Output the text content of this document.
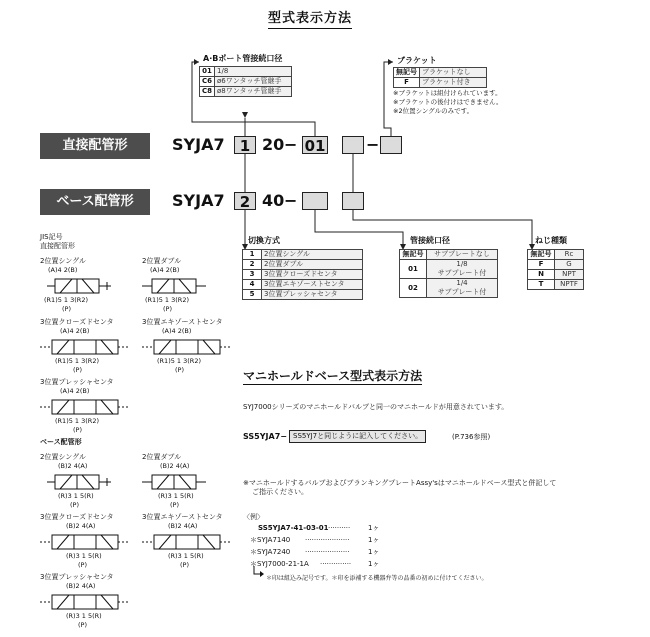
型式表示方法
A·Bポート管接続口径
01	1/8
C6	ø6ワンタッチ管継手
C8	ø8ワンタッチ管継手
ブラケット
無記号	ブラケットなし
F	ブラケット付き
※ブラケットは組付けられています。
※ブラケットの後付けはできません。
※2位置シングルのみです。
直接配管形	SYJA7	1 20 − 01	−
ベース配管形	SYJA7	2 40 −
切換方式
1	2位置シングル
2	2位置ダブル
3	3位置クローズドセンタ
4	3位置エキゾーストセンタ
5	3位置プレッシャセンタ
管接続口径
無記号	サブプレートなし
01	1/8
サブプレート付

02	1/4
サブプレート付
ねじ種類
無記号	Rc
F	G
N	NPT
T	NPTF
JIS記号
直接配管形
2位置シングル
(A)4 2(B)
(R1)5 1 3(R2)
(P)
2位置ダブル
(A)4 2(B)
(R1)5 1 3(R2)
(P)
3位置クローズドセンタ
(A)4 2(B)
(R1)5 1 3(R2)
(P)
3位置エキゾーストセンタ
(A)4 2(B)
(R1)5 1 3(R2)
(P)
3位置プレッシャセンタ
(A)4 2(B)
(R1)5 1 3(R2)
(P)
ベース配管形
2位置シングル
(B)2 4(A)
(R)3 1 5(R)
(P)
2位置ダブル
(B)2 4(A)
(R)3 1 5(R)
(P)
3位置クローズドセンタ
(B)2 4(A)
(R)3 1 5(R)
(P)
3位置エキゾーストセンタ
(B)2 4(A)
(R)3 1 5(R)
(P)
3位置プレッシャセンタ
(B)2 4(A)
(R)3 1 5(R)
(P)
マニホールドベース型式表示方法
SYJ7000シリーズのマニホールドバルブと同一のマニホールドが用意されています。
SS5YJA7− SS5YJ7と同じように記入してください。	(P.736参照)
※マニホールドするバルブおよびブランキングプレートAssy'sはマニホールドベース型式と併記して
ご指示ください。
〈例〉
SS5YJA7-41-03-01 ··········	1ヶ
＊SYJA7140 ····················	1ヶ
＊SYJA7240 ····················	1ヶ
＊SYJ7000-21-1A ·············· 1ヶ
＊印は組込み記号です。＊印を添補する機器弁等の品番の初めに付けてください。
